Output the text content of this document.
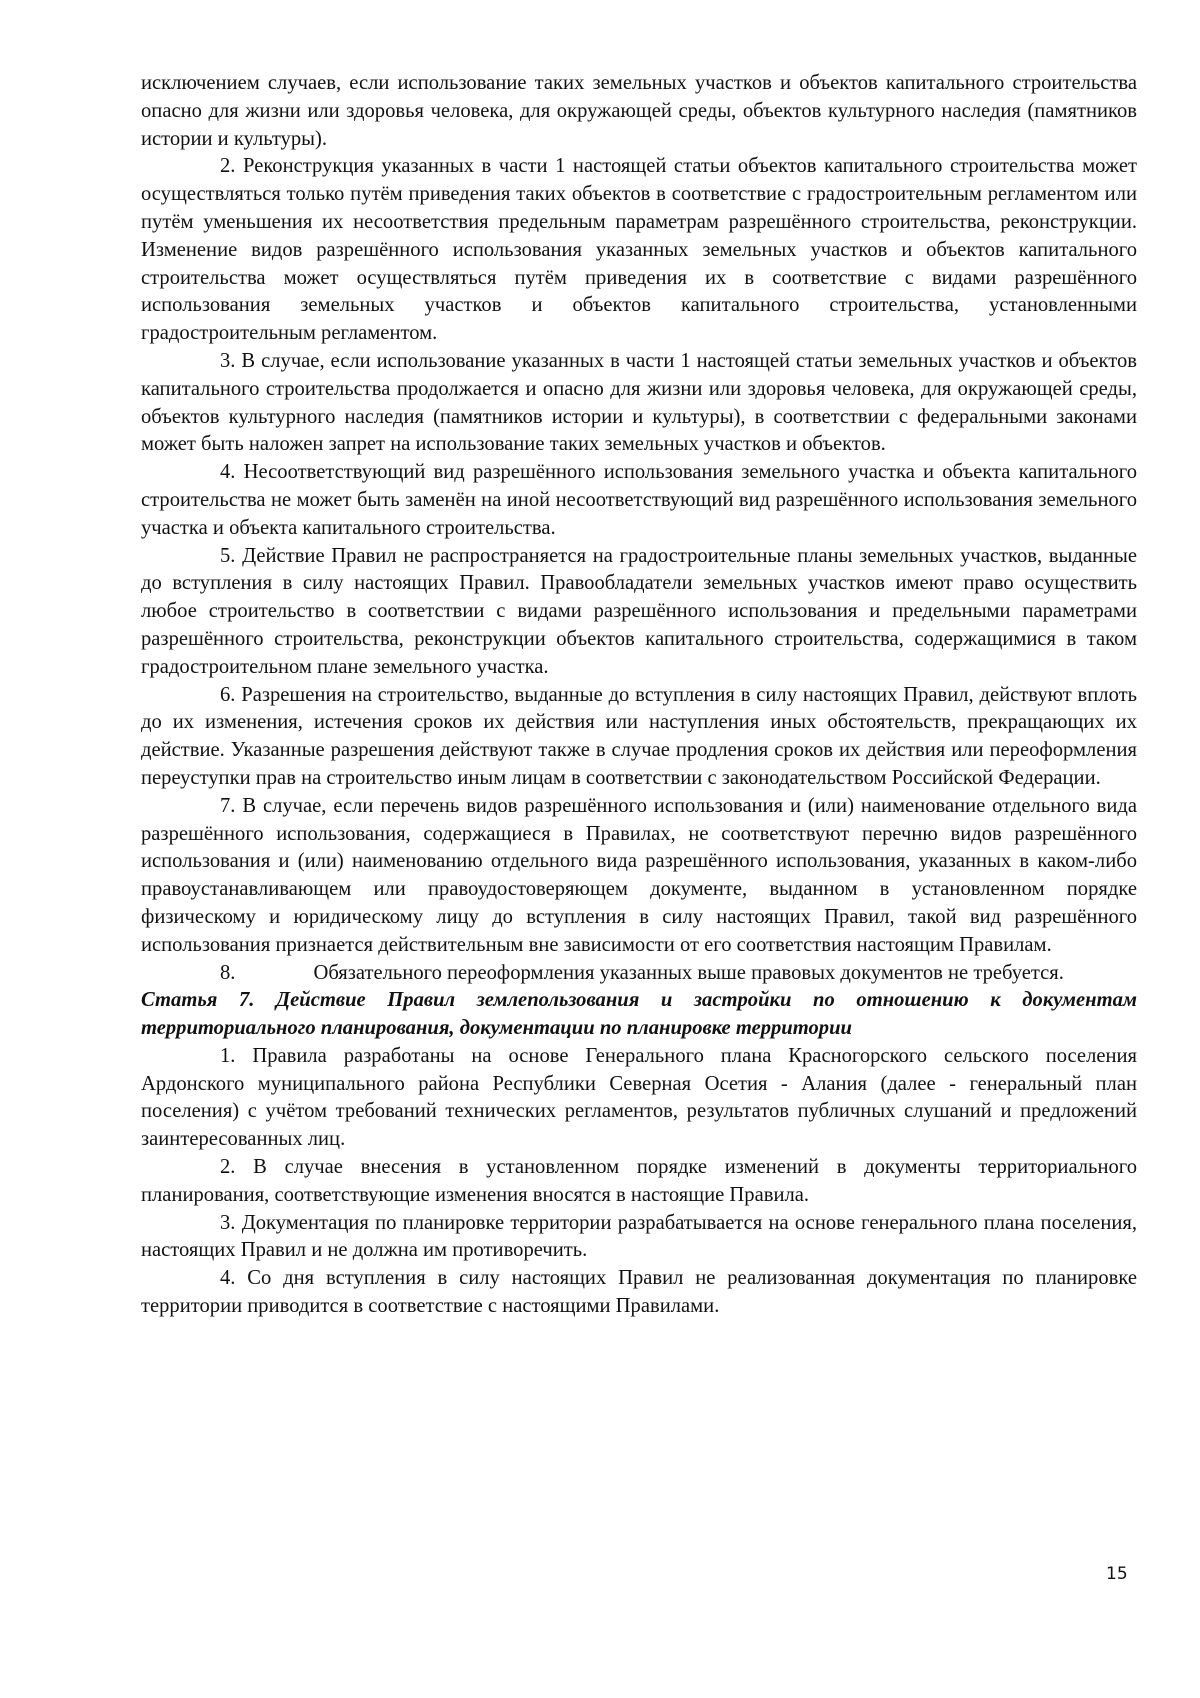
исключением случаев, если использование таких земельных участков и объектов капитального строительства опасно для жизни или здоровья человека, для окружающей среды, объектов культурного наследия (памятников истории и культуры).

2. Реконструкция указанных в части 1 настоящей статьи объектов капитального строительства может осуществляться только путём приведения таких объектов в соответствие с градостроительным регламентом или путём уменьшения их несоответствия предельным параметрам разрешённого строительства, реконструкции. Изменение видов разрешённого использования указанных земельных участков и объектов капитального строительства может осуществляться путём приведения их в соответствие с видами разрешённого использования земельных участков и объектов капитального строительства, установленными градостроительным регламентом.

3. В случае, если использование указанных в части 1 настоящей статьи земельных участков и объектов капитального строительства продолжается и опасно для жизни или здоровья человека, для окружающей среды, объектов культурного наследия (памятников истории и культуры), в соответствии с федеральными законами может быть наложен запрет на использование таких земельных участков и объектов.

4. Несоответствующий вид разрешённого использования земельного участка и объекта капитального строительства не может быть заменён на иной несоответствующий вид разрешённого использования земельного участка и объекта капитального строительства.

5. Действие Правил не распространяется на градостроительные планы земельных участков, выданные до вступления в силу настоящих Правил. Правообладатели земельных участков имеют право осуществить любое строительство в соответствии с видами разрешённого использования и предельными параметрами разрешённого строительства, реконструкции объектов капитального строительства, содержащимися в таком градостроительном плане земельного участка.

6. Разрешения на строительство, выданные до вступления в силу настоящих Правил, действуют вплоть до их изменения, истечения сроков их действия или наступления иных обстоятельств, прекращающих их действие. Указанные разрешения действуют также в случае продления сроков их действия или переоформления переуступки прав на строительство иным лицам в соответствии с законодательством Российской Федерации.

7. В случае, если перечень видов разрешённого использования и (или) наименование отдельного вида разрешённого использования, содержащиеся в Правилах, не соответствуют перечню видов разрешённого использования и (или) наименованию отдельного вида разрешённого использования, указанных в каком-либо правоустанавливающем или правоудостоверяющем документе, выданном в установленном порядке физическому и юридическому лицу до вступления в силу настоящих Правил, такой вид разрешённого использования признается действительным вне зависимости от его соответствия настоящим Правилам.

8.	Обязательного переоформления указанных выше правовых документов не требуется.

Статья 7. Действие Правил землепользования и застройки по отношению к документам территориального планирования, документации по планировке территории

1. Правила разработаны на основе Генерального плана Красногорского сельского поселения Ардонского муниципального района Республики Северная Осетия - Алания (далее - генеральный план поселения) с учётом требований технических регламентов, результатов публичных слушаний и предложений заинтересованных лиц.

2. В случае внесения в установленном порядке изменений в документы территориального планирования, соответствующие изменения вносятся в настоящие Правила.

3. Документация по планировке территории разрабатывается на основе генерального плана поселения, настоящих Правил и не должна им противоречить.

4. Со дня вступления в силу настоящих Правил не реализованная документация по планировке территории приводится в соответствие с настоящими Правилами.

15
